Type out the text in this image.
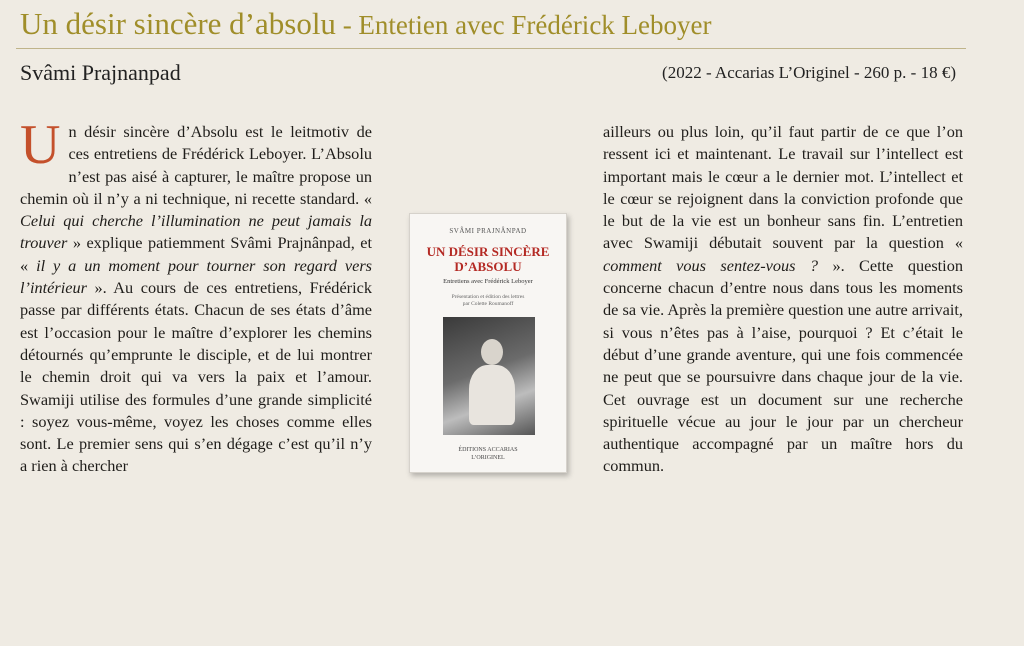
Un désir sincère d’absolu - Entetien avec Frédérick Leboyer
Svâmi Prajnanpad	(2022 - Accarias L’Originel - 260 p. - 18 €)

Un désir sincère d’Absolu est le leitmotiv de ces entretiens de Frédérick Leboyer. L’Absolu n’est pas aisé à capturer, le maître propose un chemin où il n’y a ni technique, ni recette standard. « Celui qui cherche l’illumination ne peut jamais la trouver » explique patiemment Svâmi Prajnânpad, et « il y a un moment pour tourner son regard vers l’intérieur ». Au cours de ces entretiens, Frédérick passe par différents états. Chacun de ses états d’âme est l’occasion pour le maître d’explorer les chemins détournés qu’emprunte le disciple, et de lui montrer le chemin droit qui va vers la paix et l’amour. Swamiji utilise des formules d’une grande simplicité : soyez vous-même, voyez les choses comme elles sont. Le premier sens qui s’en dégage c’est qu’il n’y a rien à chercher

SVÂMI PRAJNÂNPAD
UN DÉSIR SINCÈRE
D’ABSOLU
Entretiens avec Frédérick Leboyer
Présentation et édition des lettres
par Colette Roumanoff
ÉDITIONS ACCARIAS
L’ORIGINEL

ailleurs ou plus loin, qu’il faut partir de ce que l’on ressent ici et maintenant. Le travail sur l’intellect est important mais le cœur a le dernier mot. L’intellect et le cœur se rejoignent dans la conviction profonde que le but de la vie est un bonheur sans fin. L’entretien avec Swamiji débutait souvent par la question « comment vous sentez-vous ? ». Cette question concerne chacun d’entre nous dans tous les moments de sa vie. Après la première question une autre arrivait, si vous n’êtes pas à l’aise, pourquoi ? Et c’était le début d’une grande aventure, qui une fois commencée ne peut que se poursuivre dans chaque jour de la vie. Cet ouvrage est un document sur une recherche spirituelle vécue au jour le jour par un chercheur authentique accompagné par un maître hors du commun.
